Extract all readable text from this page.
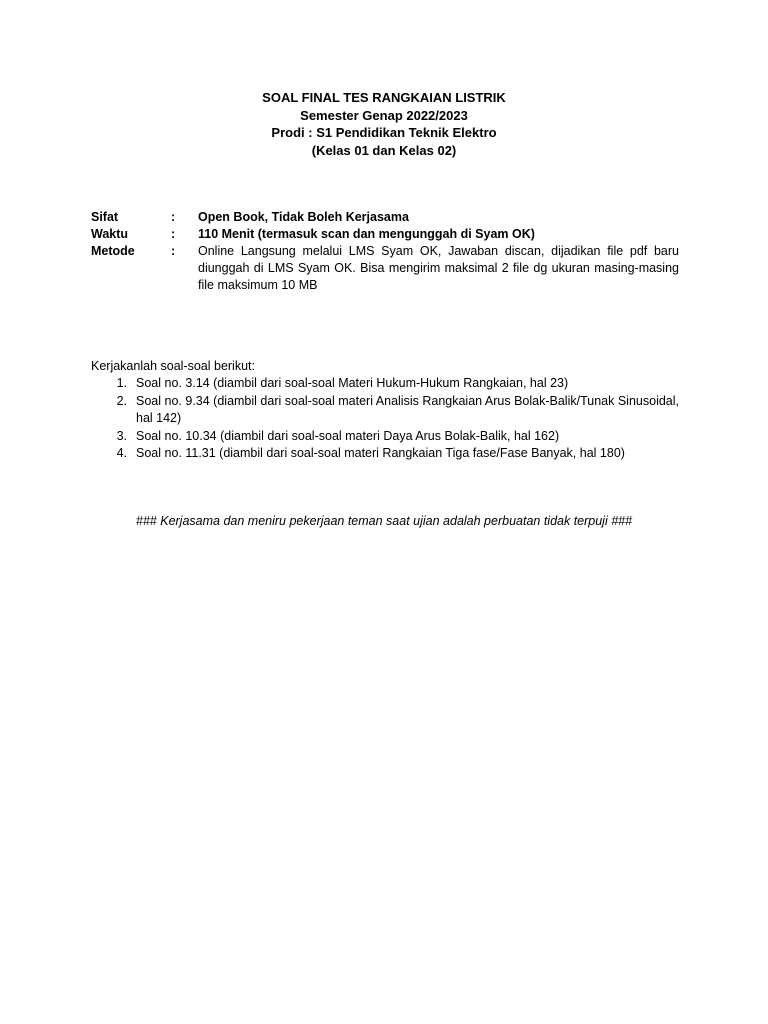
SOAL FINAL TES RANGKAIAN LISTRIK
Semester Genap 2022/2023
Prodi : S1 Pendidikan Teknik Elektro
(Kelas 01 dan Kelas 02)
Sifat	:	Open Book, Tidak Boleh Kerjasama
Waktu	:	110 Menit (termasuk scan dan mengunggah di Syam OK)
Metode	:	Online Langsung melalui LMS Syam OK, Jawaban discan, dijadikan file pdf baru diunggah di LMS Syam OK. Bisa mengirim maksimal 2 file dg ukuran masing-masing file maksimum 10 MB
Kerjakanlah soal-soal berikut:
1. Soal no. 3.14 (diambil dari soal-soal Materi Hukum-Hukum Rangkaian, hal 23)
2. Soal no. 9.34 (diambil dari soal-soal materi Analisis Rangkaian Arus Bolak-Balik/Tunak Sinusoidal, hal 142)
3. Soal no. 10.34 (diambil dari soal-soal materi Daya Arus Bolak-Balik, hal 162)
4. Soal no. 11.31 (diambil dari soal-soal materi Rangkaian Tiga fase/Fase Banyak, hal 180)
### Kerjasama dan meniru pekerjaan teman saat ujian adalah perbuatan tidak terpuji ###
